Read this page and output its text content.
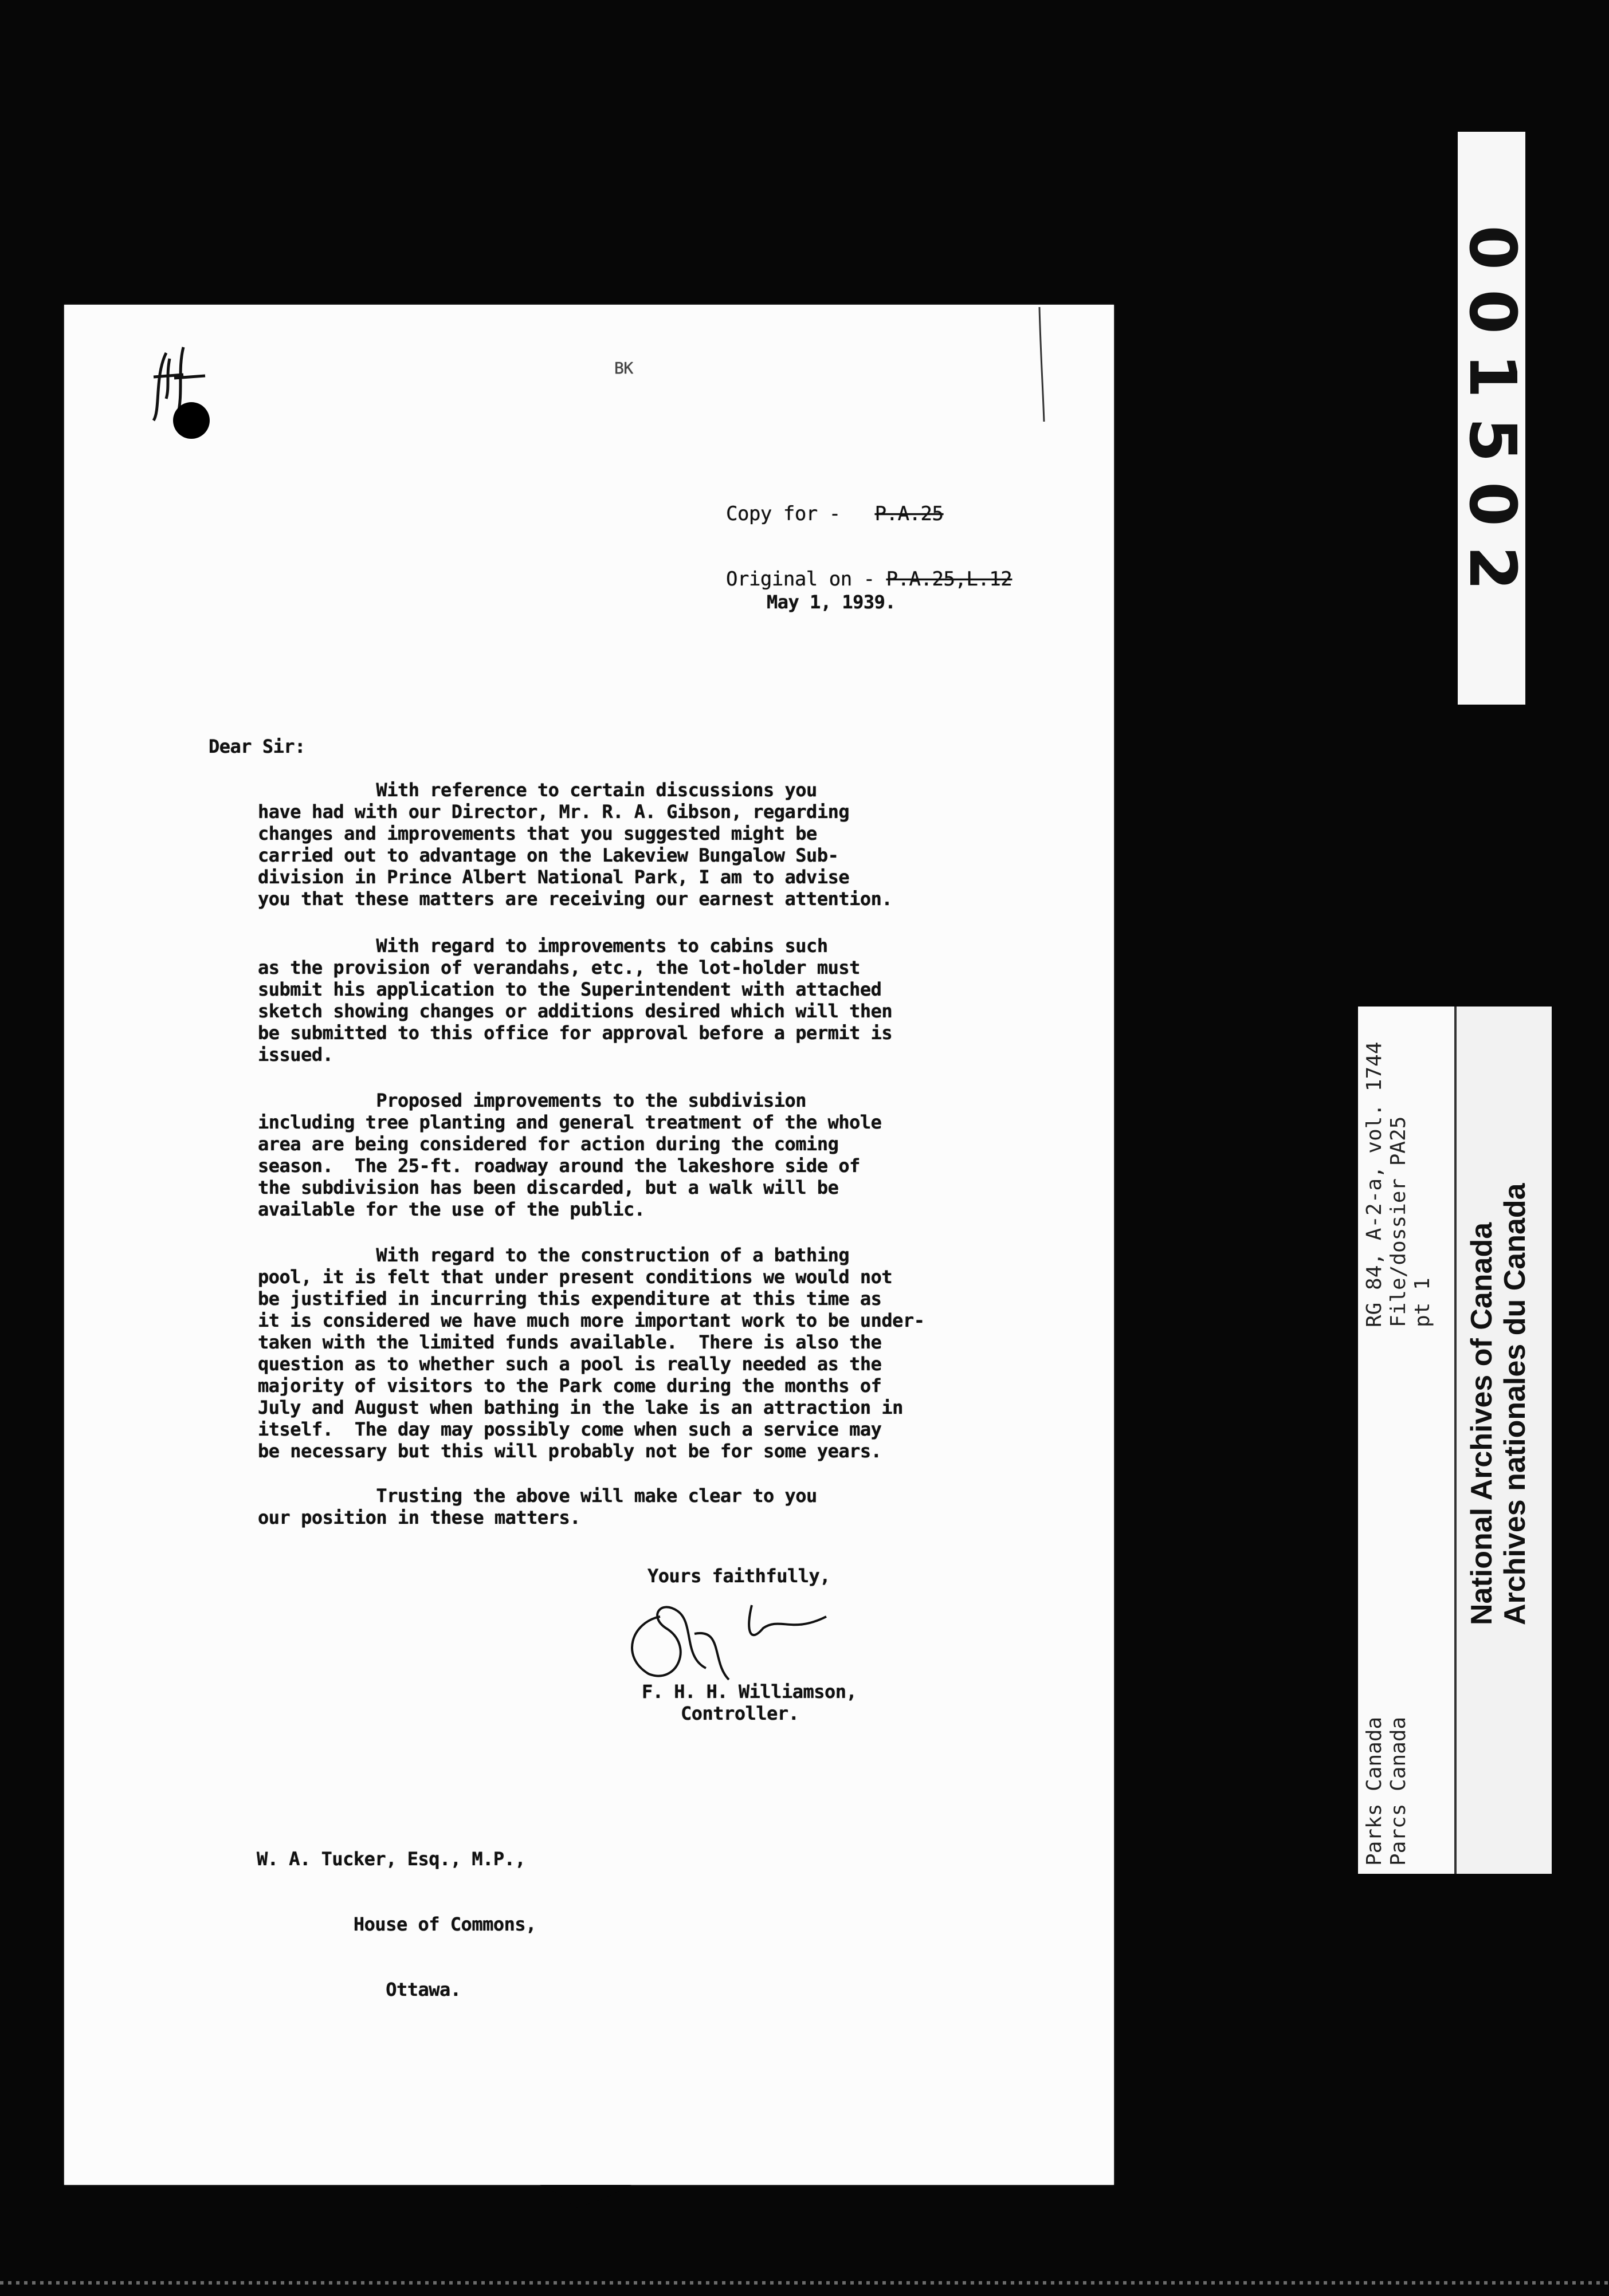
BK

Copy for - P.A.25

Original on - P.A.25,L.12

May 1, 1939.
Dear Sir:
With reference to certain discussions you
have had with our Director, Mr. R. A. Gibson, regarding
changes and improvements that you suggested might be
carried out to advantage on the Lakeview Bungalow Sub-
division in Prince Albert National Park, I am to advise
you that these matters are receiving our earnest attention.
With regard to improvements to cabins such
as the provision of verandahs, etc., the lot-holder must
submit his application to the Superintendent with attached
sketch showing changes or additions desired which will then
be submitted to this office for approval before a permit is
issued.
Proposed improvements to the subdivision
including tree planting and general treatment of the whole
area are being considered for action during the coming
season.  The 25-ft. roadway around the lakeshore side of
the subdivision has been discarded, but a walk will be
available for the use of the public.
With regard to the construction of a bathing
pool, it is felt that under present conditions we would not
be justified in incurring this expenditure at this time as
it is considered we have much more important work to be under-
taken with the limited funds available.  There is also the
question as to whether such a pool is really needed as the
majority of visitors to the Park come during the months of
July and August when bathing in the lake is an attraction in
itself.  The day may possibly come when such a service may
be necessary but this will probably not be for some years.
Trusting the above will make clear to you
our position in these matters.
Yours faithfully,
F. H. H. Williamson,
Controller.

W. A. Tucker, Esq., M.P.,

House of Commons,

Ottawa.

001502
Parks Canada Parcs Canada
RG 84, A-2-a, vol. 1744 File/dossier PA25 pt 1 National Archives of Canada Archives nationales du Canada
